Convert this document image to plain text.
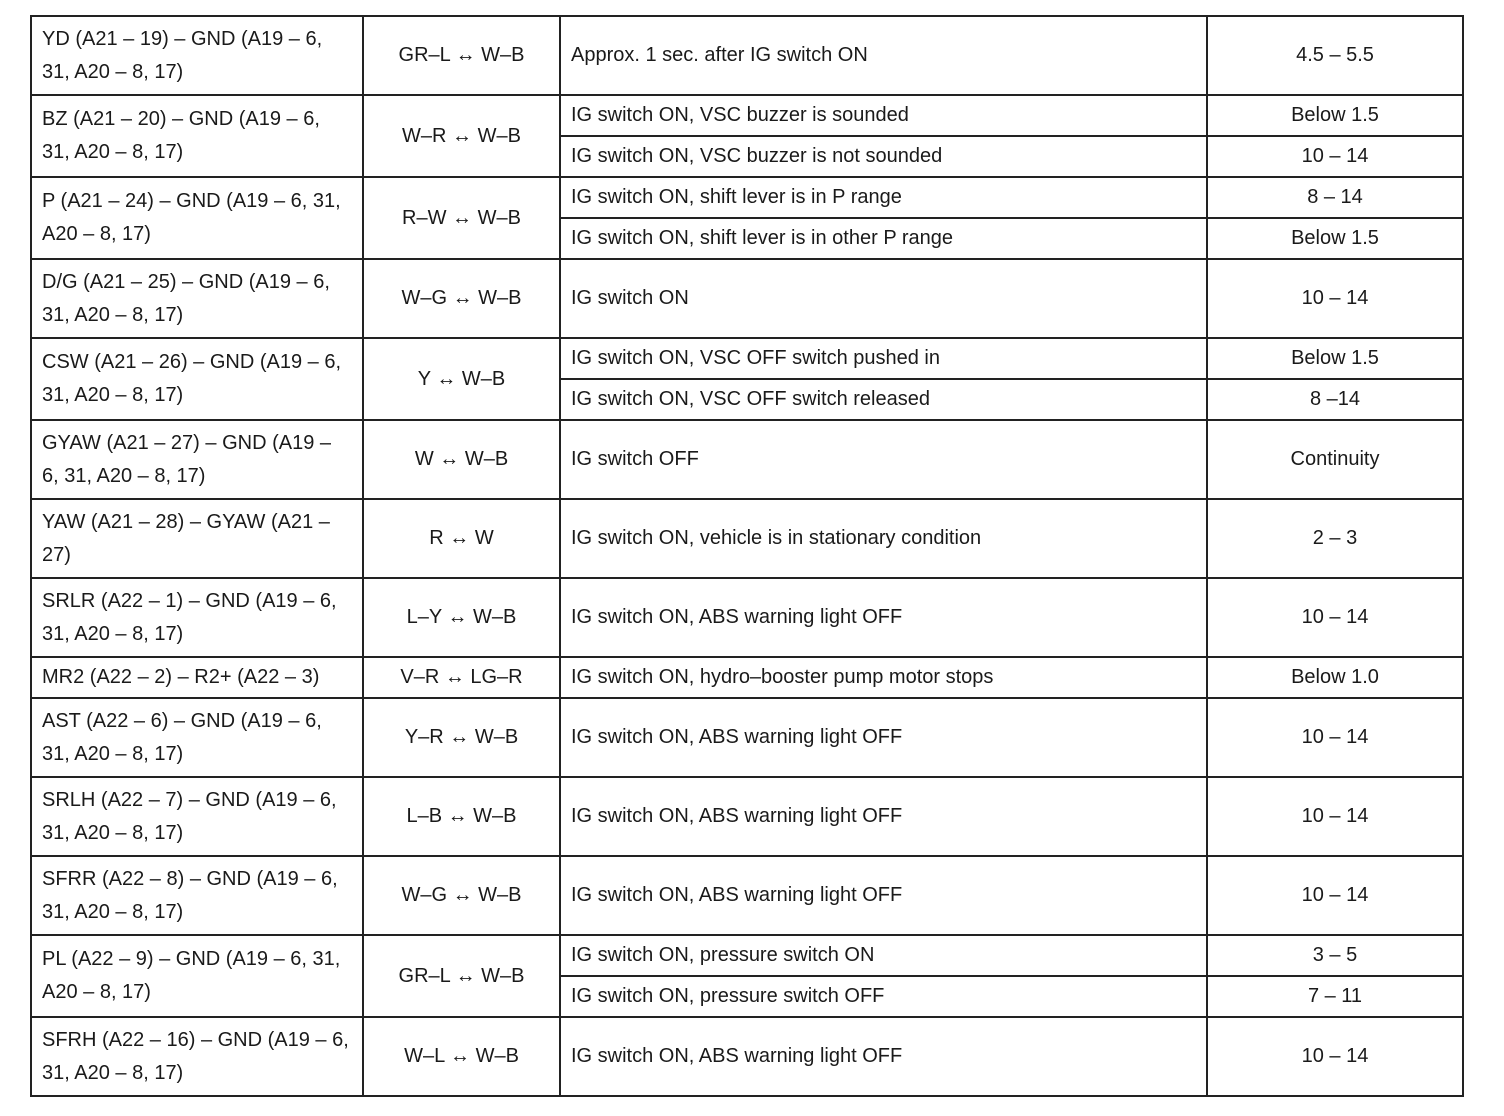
YD (A21 – 19) – GND (A19 – 6, 31, A20 – 8, 17)	GR–L ↔ W–B	Approx. 1 sec. after IG switch ON	4.5 – 5.5
BZ (A21 – 20) – GND (A19 – 6, 31, A20 – 8, 17)	W–R ↔ W–B	IG switch ON, VSC buzzer is sounded	Below 1.5
		IG switch ON, VSC buzzer is not sounded	10 – 14
P (A21 – 24) – GND (A19 – 6, 31, A20 – 8, 17)	R–W ↔ W–B	IG switch ON, shift lever is in P range	8 – 14
		IG switch ON, shift lever is in other P range	Below 1.5
D/G (A21 – 25) – GND (A19 – 6, 31, A20 – 8, 17)	W–G ↔ W–B	IG switch ON	10 – 14
CSW (A21 – 26) – GND (A19 – 6, 31, A20 – 8, 17)	Y ↔ W–B	IG switch ON, VSC OFF switch pushed in	Below 1.5
		IG switch ON, VSC OFF switch released	8 –14
GYAW (A21 – 27) – GND (A19 – 6, 31, A20 – 8, 17)	W ↔ W–B	IG switch OFF	Continuity
YAW (A21 – 28) – GYAW (A21 – 27)	R ↔ W	IG switch ON, vehicle is in stationary condition	2 – 3
SRLR (A22 – 1) – GND (A19 – 6, 31, A20 – 8, 17)	L–Y ↔ W–B	IG switch ON, ABS warning light OFF	10 – 14
MR2 (A22 – 2) – R2+ (A22 – 3)	V–R ↔ LG–R	IG switch ON, hydro–booster pump motor stops	Below 1.0
AST (A22 – 6) – GND (A19 – 6, 31, A20 – 8, 17)	Y–R ↔ W–B	IG switch ON, ABS warning light OFF	10 – 14
SRLH (A22 – 7) – GND (A19 – 6, 31, A20 – 8, 17)	L–B ↔ W–B	IG switch ON, ABS warning light OFF	10 – 14
SFRR (A22 – 8) – GND (A19 – 6, 31, A20 – 8, 17)	W–G ↔ W–B	IG switch ON, ABS warning light OFF	10 – 14
PL (A22 – 9) – GND (A19 – 6, 31, A20 – 8, 17)	GR–L ↔ W–B	IG switch ON, pressure switch ON	3 – 5
		IG switch ON, pressure switch OFF	7 – 11
SFRH (A22 – 16) – GND (A19 – 6, 31, A20 – 8, 17)	W–L ↔ W–B	IG switch ON, ABS warning light OFF	10 – 14
